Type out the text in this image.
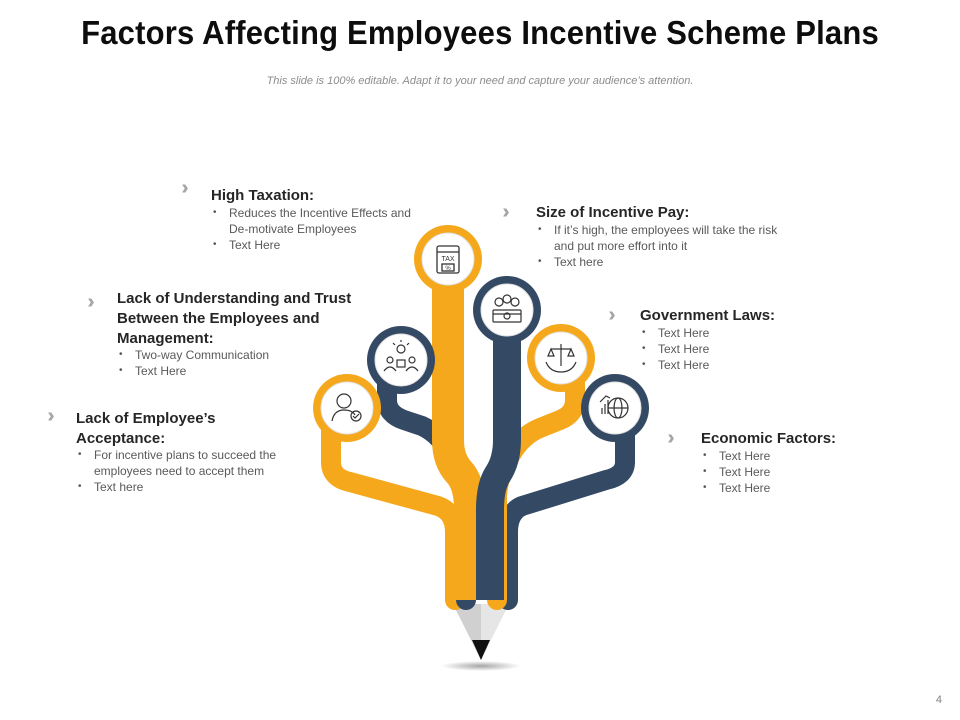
Factors Affecting Employees Incentive Scheme Plans
This slide is 100% editable. Adapt it to your need and capture your audience’s attention.
TAX
%
High Taxation:
• Reduces the Incentive Effects and De-motivate Employees
• Text Here
Size of Incentive Pay:
• If it’s high, the employees will take the risk and put more effort into it
• Text here
Lack of Understanding and Trust Between the Employees and Management:
• Two-way Communication
• Text Here
Government Laws:
• Text Here
• Text Here
• Text Here
Lack of Employee’s Acceptance:
• For incentive plans to succeed the employees need to accept them
• Text here
Economic Factors:
• Text Here
• Text Here
• Text Here
4
